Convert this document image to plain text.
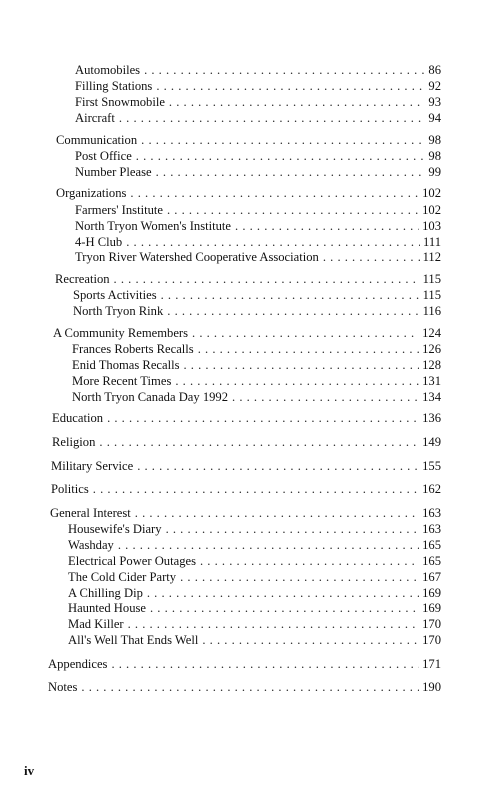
Automobiles . . .	86
Filling Stations . . .	92
First Snowmobile . . .	93
Aircraft . . .	94
Communication . . .	98
Post Office . . .	98
Number Please . . .	99
Organizations . . .	102
Farmers' Institute . . .	102
North Tryon Women's Institute . . .	103
4-H Club . . .	111
Tryon River Watershed Cooperative Association . . .	112
Recreation . . .	115
Sports Activities . . .	115
North Tryon Rink . . .	116
A Community Remembers . . .	124
Frances Roberts Recalls . . .	126
Enid Thomas Recalls . . .	128
More Recent Times . . .	131
North Tryon Canada Day 1992 . . .	134
Education . . .	136
Religion . . .	149
Military Service . . .	155
Politics . . .	162
General Interest . . .	163
Housewife's Diary . . .	163
Washday . . .	165
Electrical Power Outages . . .	165
The Cold Cider Party . . .	167
A Chilling Dip . . .	169
Haunted House . . .	169
Mad Killer . . .	170
All's Well That Ends Well . . .	170
Appendices . . .	171
Notes . . .	190
iv
